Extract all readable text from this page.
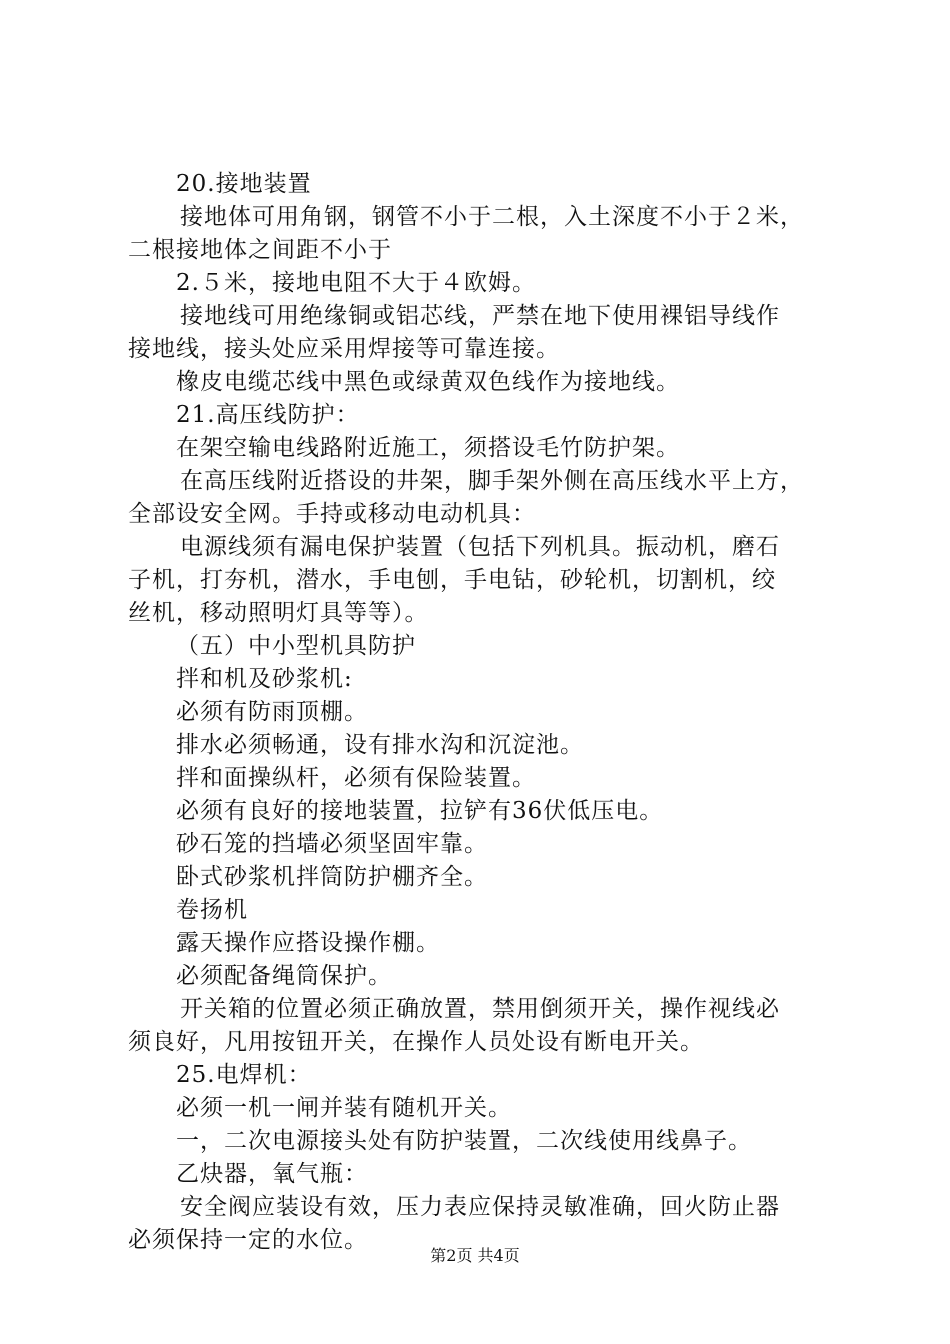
20.接地装置
接地体可用角钢，钢管不小于二根，入土深度不小于２米，
二根接地体之间距不小于
2.５米，接地电阻不大于４欧姆。
接地线可用绝缘铜或铝芯线，严禁在地下使用裸铝导线作
接地线，接头处应采用焊接等可靠连接。
橡皮电缆芯线中黑色或绿黄双色线作为接地线。
21.高压线防护：
在架空输电线路附近施工，须搭设毛竹防护架。
在高压线附近搭设的井架，脚手架外侧在高压线水平上方，
全部设安全网。手持或移动电动机具：
电源线须有漏电保护装置（包括下列机具。振动机，磨石
子机，打夯机，潜水，手电刨，手电钻，砂轮机，切割机，绞
丝机，移动照明灯具等等）。
（五）中小型机具防护
拌和机及砂浆机:
必须有防雨顶棚。
排水必须畅通，设有排水沟和沉淀池。
拌和面操纵杆，必须有保险装置。
必须有良好的接地装置，拉铲有36伏低压电。
砂石笼的挡墙必须坚固牢靠。
卧式砂浆机拌筒防护棚齐全。
卷扬机
露天操作应搭设操作棚。
必须配备绳筒保护。
开关箱的位置必须正确放置，禁用倒须开关，操作视线必
须良好，凡用按钮开关，在操作人员处设有断电开关。
25.电焊机：
必须一机一闸并装有随机开关。
一，二次电源接头处有防护装置，二次线使用线鼻子。
乙炔器，氧气瓶：
安全阀应装设有效，压力表应保持灵敏准确，回火防止器
必须保持一定的水位。
第2页 共4页
